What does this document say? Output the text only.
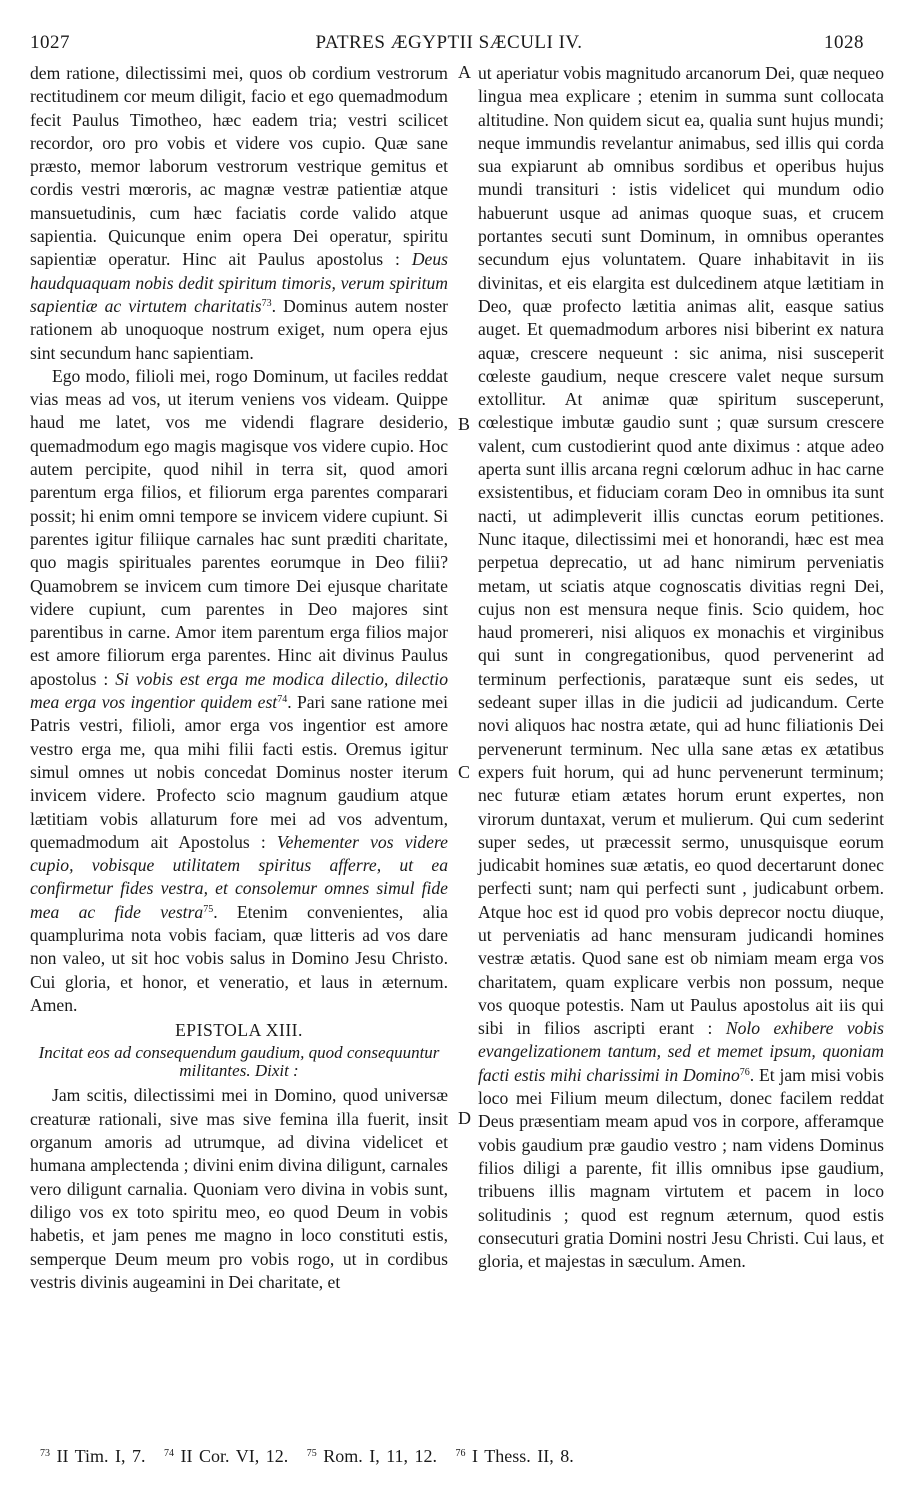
1027	PATRES ÆGYPTII SÆCULI IV.	1028
A
B
C
D

dem ratione, dilectissimi mei, quos ob cordium vestrorum rectitudinem cor meum diligit, facio et ego quemadmodum fecit Paulus Timotheo, hæc eadem tria; vestri scilicet recordor, oro pro vobis et videre vos cupio. Quæ sane præsto, memor laborum vestrorum vestrique gemitus et cordis vestri mœroris, ac magnæ vestræ patientiæ atque mansuetudinis, cum hæc faciatis corde valido atque sapientia. Quicunque enim opera Dei operatur, spiritu sapientiæ operatur. Hinc ait Paulus apostolus : Deus haudquaquam nobis dedit spiritum timoris, verum spiritum sapientiæ ac virtutem charitatis$^{73}$. Dominus autem noster rationem ab unoquoque nostrum exiget, num opera ejus sint secundum hanc sapientiam.

Ego modo, filioli mei, rogo Dominum, ut faciles reddat vias meas ad vos, ut iterum veniens vos videam. Quippe haud me latet, vos me videndi flagrare desiderio, quemadmodum ego magis magisque vos videre cupio. Hoc autem percipite, quod nihil in terra sit, quod amori parentum erga filios, et filiorum erga parentes comparari possit; hi enim omni tempore se invicem videre cupiunt. Si parentes igitur filiique carnales hac sunt præditi charitate, quo magis spirituales parentes eorumque in Deo filii? Quamobrem se invicem cum timore Dei ejusque charitate videre cupiunt, cum parentes in Deo majores sint parentibus in carne. Amor item parentum erga filios major est amore filiorum erga parentes. Hinc ait divinus Paulus apostolus : Si vobis est erga me modica dilectio, dilectio mea erga vos ingentior quidem est$^{74}$. Pari sane ratione mei Patris vestri, filioli, amor erga vos ingentior est amore vestro erga me, qua mihi filii facti estis. Oremus igitur simul omnes ut nobis concedat Dominus noster iterum invicem videre. Profecto scio magnum gaudium atque lætitiam vobis allaturum fore mei ad vos adventum, quemadmodum ait Apostolus : Vehementer vos videre cupio, vobisque utilitatem spiritus afferre, ut ea confirmetur fides vestra, et consolemur omnes simul fide mea ac fide vestra$^{75}$. Etenim convenientes, alia quamplurima nota vobis faciam, quæ litteris ad vos dare non valeo, ut sit hoc vobis salus in Domino Jesu Christo. Cui gloria, et honor, et veneratio, et laus in æternum. Amen.

EPISTOLA XIII.
Incitat eos ad consequendum gaudium, quod consequuntur militantes. Dixit :

Jam scitis, dilectissimi mei in Domino, quod universæ creaturæ rationali, sive mas sive femina illa fuerit, insit organum amoris ad utrumque, ad divina videlicet et humana amplectenda ; divini enim divina diligunt, carnales vero diligunt carnalia. Quoniam vero divina in vobis sunt, diligo vos ex toto spiritu meo, eo quod Deum in vobis habetis, et jam penes me magno in loco constituti estis, semperque Deum meum pro vobis rogo, ut in cordibus vestris divinis augeamini in Dei charitate, et

ut aperiatur vobis magnitudo arcanorum Dei, quæ nequeo lingua mea explicare ; etenim in summa sunt collocata altitudine. Non quidem sicut ea, qualia sunt hujus mundi; neque immundis revelantur animabus, sed illis qui corda sua expiarunt ab omnibus sordibus et operibus hujus mundi transituri : istis videlicet qui mundum odio habuerunt usque ad animas quoque suas, et crucem portantes secuti sunt Dominum, in omnibus operantes secundum ejus voluntatem. Quare inhabitavit in iis divinitas, et eis elargita est dulcedinem atque lætitiam in Deo, quæ profecto lætitia animas alit, easque satius auget. Et quemadmodum arbores nisi biberint ex natura aquæ, crescere nequeunt : sic anima, nisi susceperit cœleste gaudium, neque crescere valet neque sursum extollitur. At animæ quæ spiritum susceperunt, cœlestique imbutæ gaudio sunt ; quæ sursum crescere valent, cum custodierint quod ante diximus : atque adeo aperta sunt illis arcana regni cœlorum adhuc in hac carne exsistentibus, et fiduciam coram Deo in omnibus ita sunt nacti, ut adimpleverit illis cunctas eorum petitiones. Nunc itaque, dilectissimi mei et honorandi, hæc est mea perpetua deprecatio, ut ad hanc nimirum perveniatis metam, ut sciatis atque cognoscatis divitias regni Dei, cujus non est mensura neque finis. Scio quidem, hoc haud promereri, nisi aliquos ex monachis et virginibus qui sunt in congregationibus, quod pervenerint ad terminum perfectionis, paratæque sunt eis sedes, ut sedeant super illas in die judicii ad judicandum. Certe novi aliquos hac nostra ætate, qui ad hunc filiationis Dei pervenerunt terminum. Nec ulla sane ætas ex ætatibus expers fuit horum, qui ad hunc pervenerunt terminum; nec futuræ etiam ætates horum erunt expertes, non virorum duntaxat, verum et mulierum. Qui cum sederint super sedes, ut præcessit sermo, unusquisque eorum judicabit homines suæ ætatis, eo quod decertarunt donec perfecti sunt; nam qui perfecti sunt , judicabunt orbem. Atque hoc est id quod pro vobis deprecor noctu diuque, ut perveniatis ad hanc mensuram judicandi homines vestræ ætatis. Quod sane est ob nimiam meam erga vos charitatem, quam explicare verbis non possum, neque vos quoque potestis. Nam ut Paulus apostolus ait iis qui sibi in filios ascripti erant : Nolo exhibere vobis evangelizationem tantum, sed et memet ipsum, quoniam facti estis mihi charissimi in Domino$^{76}$. Et jam misi vobis loco mei Filium meum dilectum, donec facilem reddat Deus præsentiam meam apud vos in corpore, afferamque vobis gaudium præ gaudio vestro ; nam videns Dominus filios diligi a parente, fit illis omnibus ipse gaudium, tribuens illis magnam virtutem et pacem in loco solitudinis ; quod est regnum æternum, quod estis consecuturi gratia Domini nostri Jesu Christi. Cui laus, et gloria, et majestas in sæculum. Amen.

$^{73}$ II Tim. I, 7. $^{74}$ II Cor. VI, 12. $^{75}$ Rom. I, 11, 12. $^{76}$ I Thess. II, 8.
